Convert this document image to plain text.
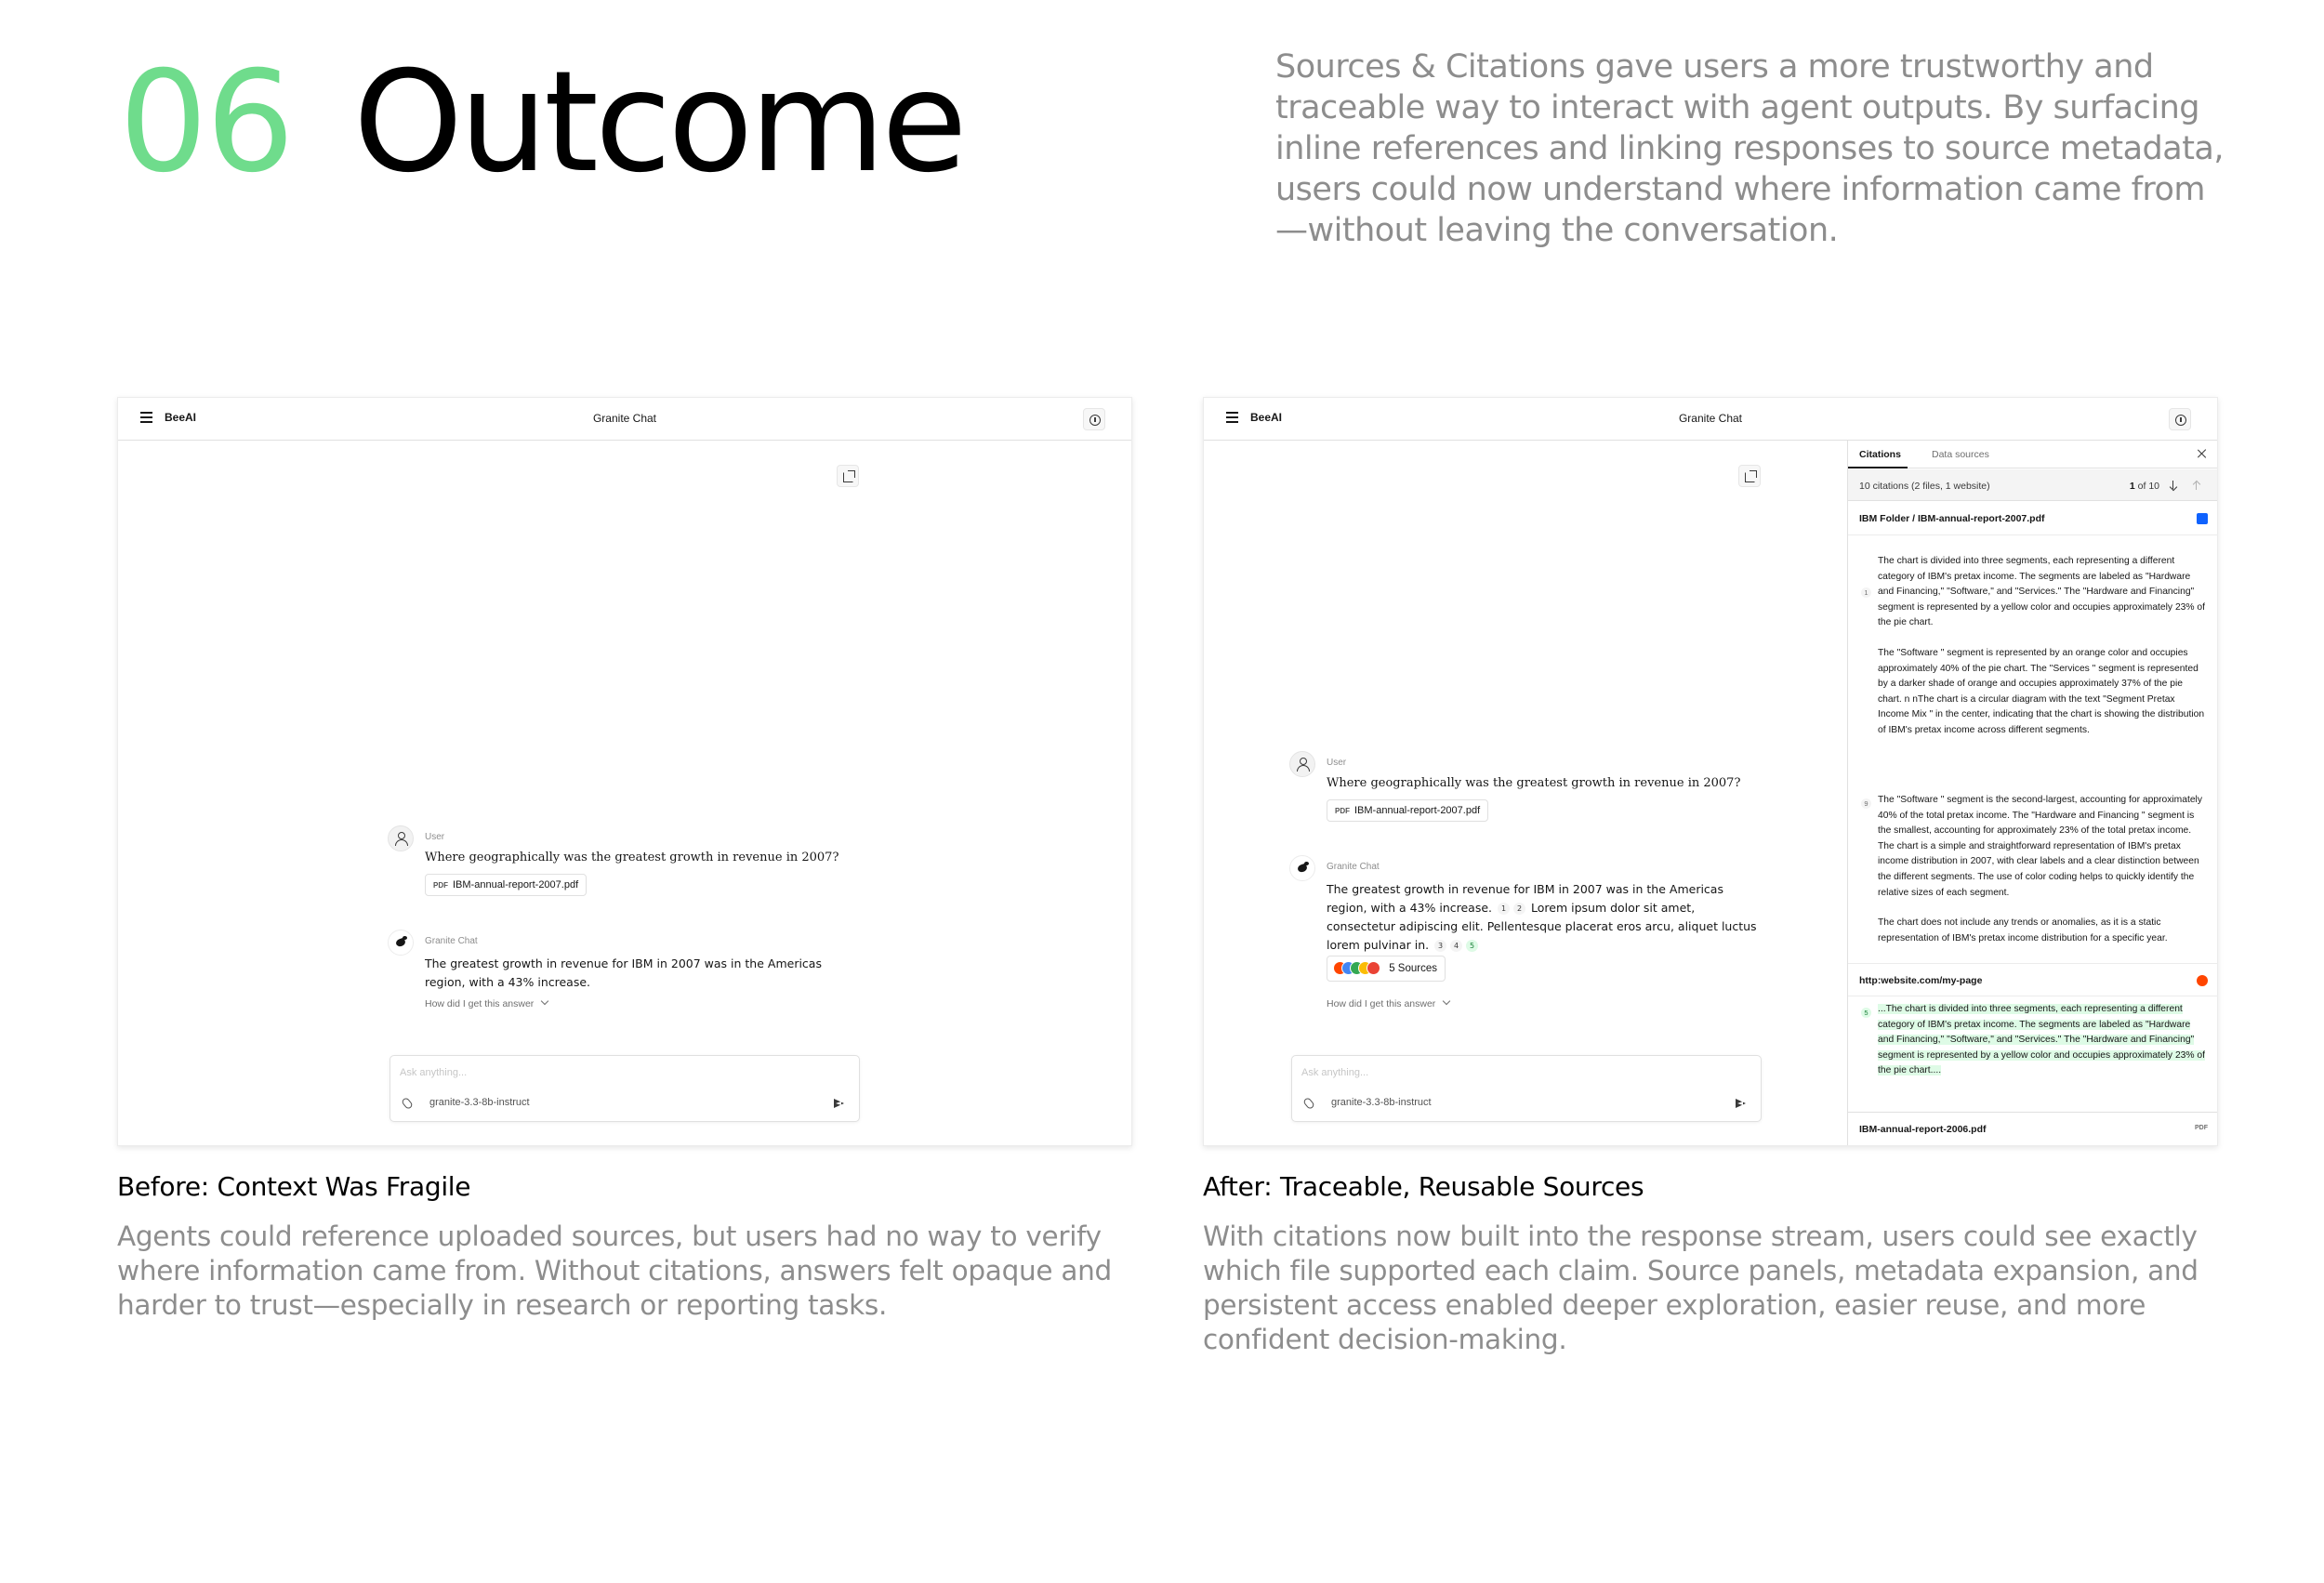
06 Outcome	Sources & Citations gave users a more trustworthy and traceable way to interact with agent outputs. By surfacing inline references and linking responses to source metadata, users could now understand where information came from—without leaving the conversation.
BeeAI	Granite Chat
User
Where geographically was the greatest growth in revenue in 2007?
PDF IBM-annual-report-2007.pdf
Granite Chat
The greatest growth in revenue for IBM in 2007 was in the Americas region, with a 43% increase.
How did I get this answer
Ask anything...
granite-3.3-8b-instruct
BeeAI	Granite Chat
User
Where geographically was the greatest growth in revenue in 2007?
PDF IBM-annual-report-2007.pdf
Granite Chat
The greatest growth in revenue for IBM in 2007 was in the Americas region, with a 43% increase. 1 2 Lorem ipsum dolor sit amet, consectetur adipiscing elit. Pellentesque placerat eros arcu, aliquet luctus lorem pulvinar in. 3 4 5
5 Sources
How did I get this answer
Ask anything...
granite-3.3-8b-instruct
Citations	Data sources
10 citations (2 files, 1 website)	1 of 10
IBM Folder / IBM-annual-report-2007.pdf
1

The chart is divided into three segments, each representing a different category of IBM's pretax income. The segments are labeled as "Hardware and Financing," "Software," and "Services." The "Hardware and Financing" segment is represented by a yellow color and occupies approximately 23% of the pie chart.

The "Software " segment is represented by an orange color and occupies approximately 40% of the pie chart. The "Services " segment is represented by a darker shade of orange and occupies approximately 37% of the pie chart. n nThe chart is a circular diagram with the text "Segment Pretax Income Mix " in the center, indicating that the chart is showing the distribution of IBM's pretax income across different segments.

9	The "Software " segment is the second-largest, accounting for approximately 40% of the total pretax income. The "Hardware and Financing " segment is the smallest, accounting for approximately 23% of the total pretax income. The chart is a simple and straightforward representation of IBM's pretax income distribution in 2007, with clear labels and a clear distinction between the different segments. The use of color coding helps to quickly identify the relative sizes of each segment.

The chart does not include any trends or anomalies, as it is a static representation of IBM's pretax income distribution for a specific year.

http:website.com/my-page
5	...The chart is divided into three segments, each representing a different category of IBM's pretax income. The segments are labeled as "Hardware and Financing," "Software," and "Services." The "Hardware and Financing" segment is represented by a yellow color and occupies approximately 23% of the pie chart....

IBM-annual-report-2006.pdf	PDF
Before: Context Was Fragile
Agents could reference uploaded sources, but users had no way to verify where information came from. Without citations, answers felt opaque and harder to trust—especially in research or reporting tasks.
After: Traceable, Reusable Sources
With citations now built into the response stream, users could see exactly which file supported each claim. Source panels, metadata expansion, and persistent access enabled deeper exploration, easier reuse, and more confident decision-making.
